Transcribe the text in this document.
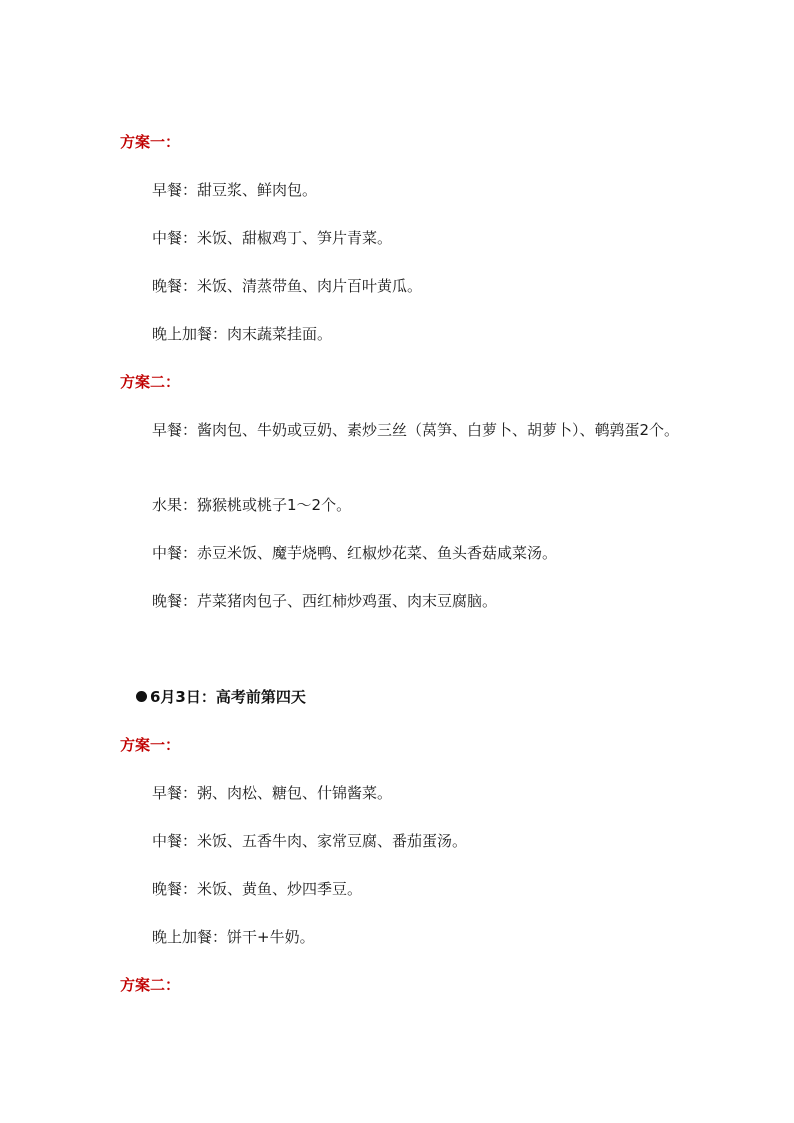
方案一：
早餐：甜豆浆、鲜肉包。
中餐：米饭、甜椒鸡丁、笋片青菜。
晚餐：米饭、清蒸带鱼、肉片百叶黄瓜。
晚上加餐：肉末蔬菜挂面。
方案二：
早餐：酱肉包、牛奶或豆奶、素炒三丝（莴笋、白萝卜、胡萝卜）、鹌鹑蛋2个。
水果：猕猴桃或桃子1～2个。
中餐：赤豆米饭、魔芋烧鸭、红椒炒花菜、鱼头香菇咸菜汤。
晚餐：芹菜猪肉包子、西红柿炒鸡蛋、肉末豆腐脑。
6月3日：高考前第四天
方案一：
早餐：粥、肉松、糖包、什锦酱菜。
中餐：米饭、五香牛肉、家常豆腐、番茄蛋汤。
晚餐：米饭、黄鱼、炒四季豆。
晚上加餐：饼干+牛奶。
方案二：
